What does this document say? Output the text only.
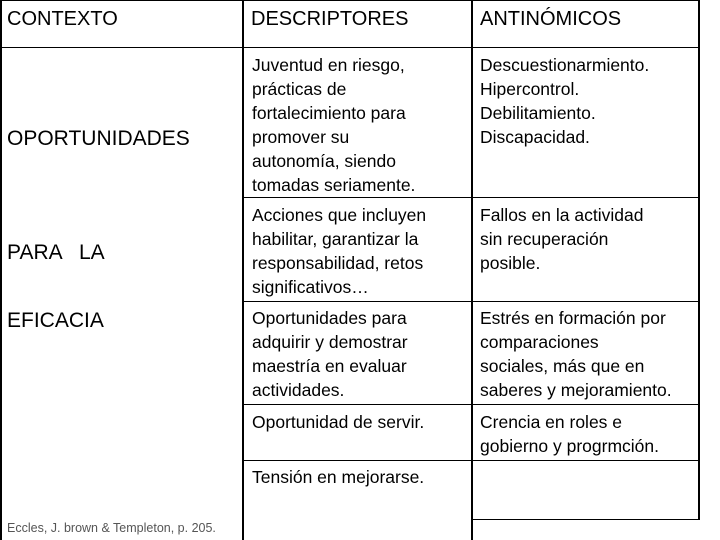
CONTEXTO	DESCRIPTORES	ANTINÓMICOS
OPORTUNIDADES
PARA   LA
EFICACIA
Juventud en riesgo,
prácticas de
fortalecimiento para
promover su
autonomía, siendo
tomadas seriamente.
Acciones que incluyen
habilitar, garantizar la
responsabilidad, retos
significativos…
Oportunidades para
adquirir y demostrar
maestría en evaluar
actividades.
Oportunidad de servir.
Tensión en mejorarse.
Descuestionarmiento.
Hipercontrol.
Debilitamiento.
Discapacidad.
Fallos en la actividad
sin recuperación
posible.
Estrés en formación por
comparaciones
sociales, más que en
saberes y mejoramiento.
Crencia en roles e
gobierno y progrmción.
Eccles, J. brown & Templeton, p. 205.
